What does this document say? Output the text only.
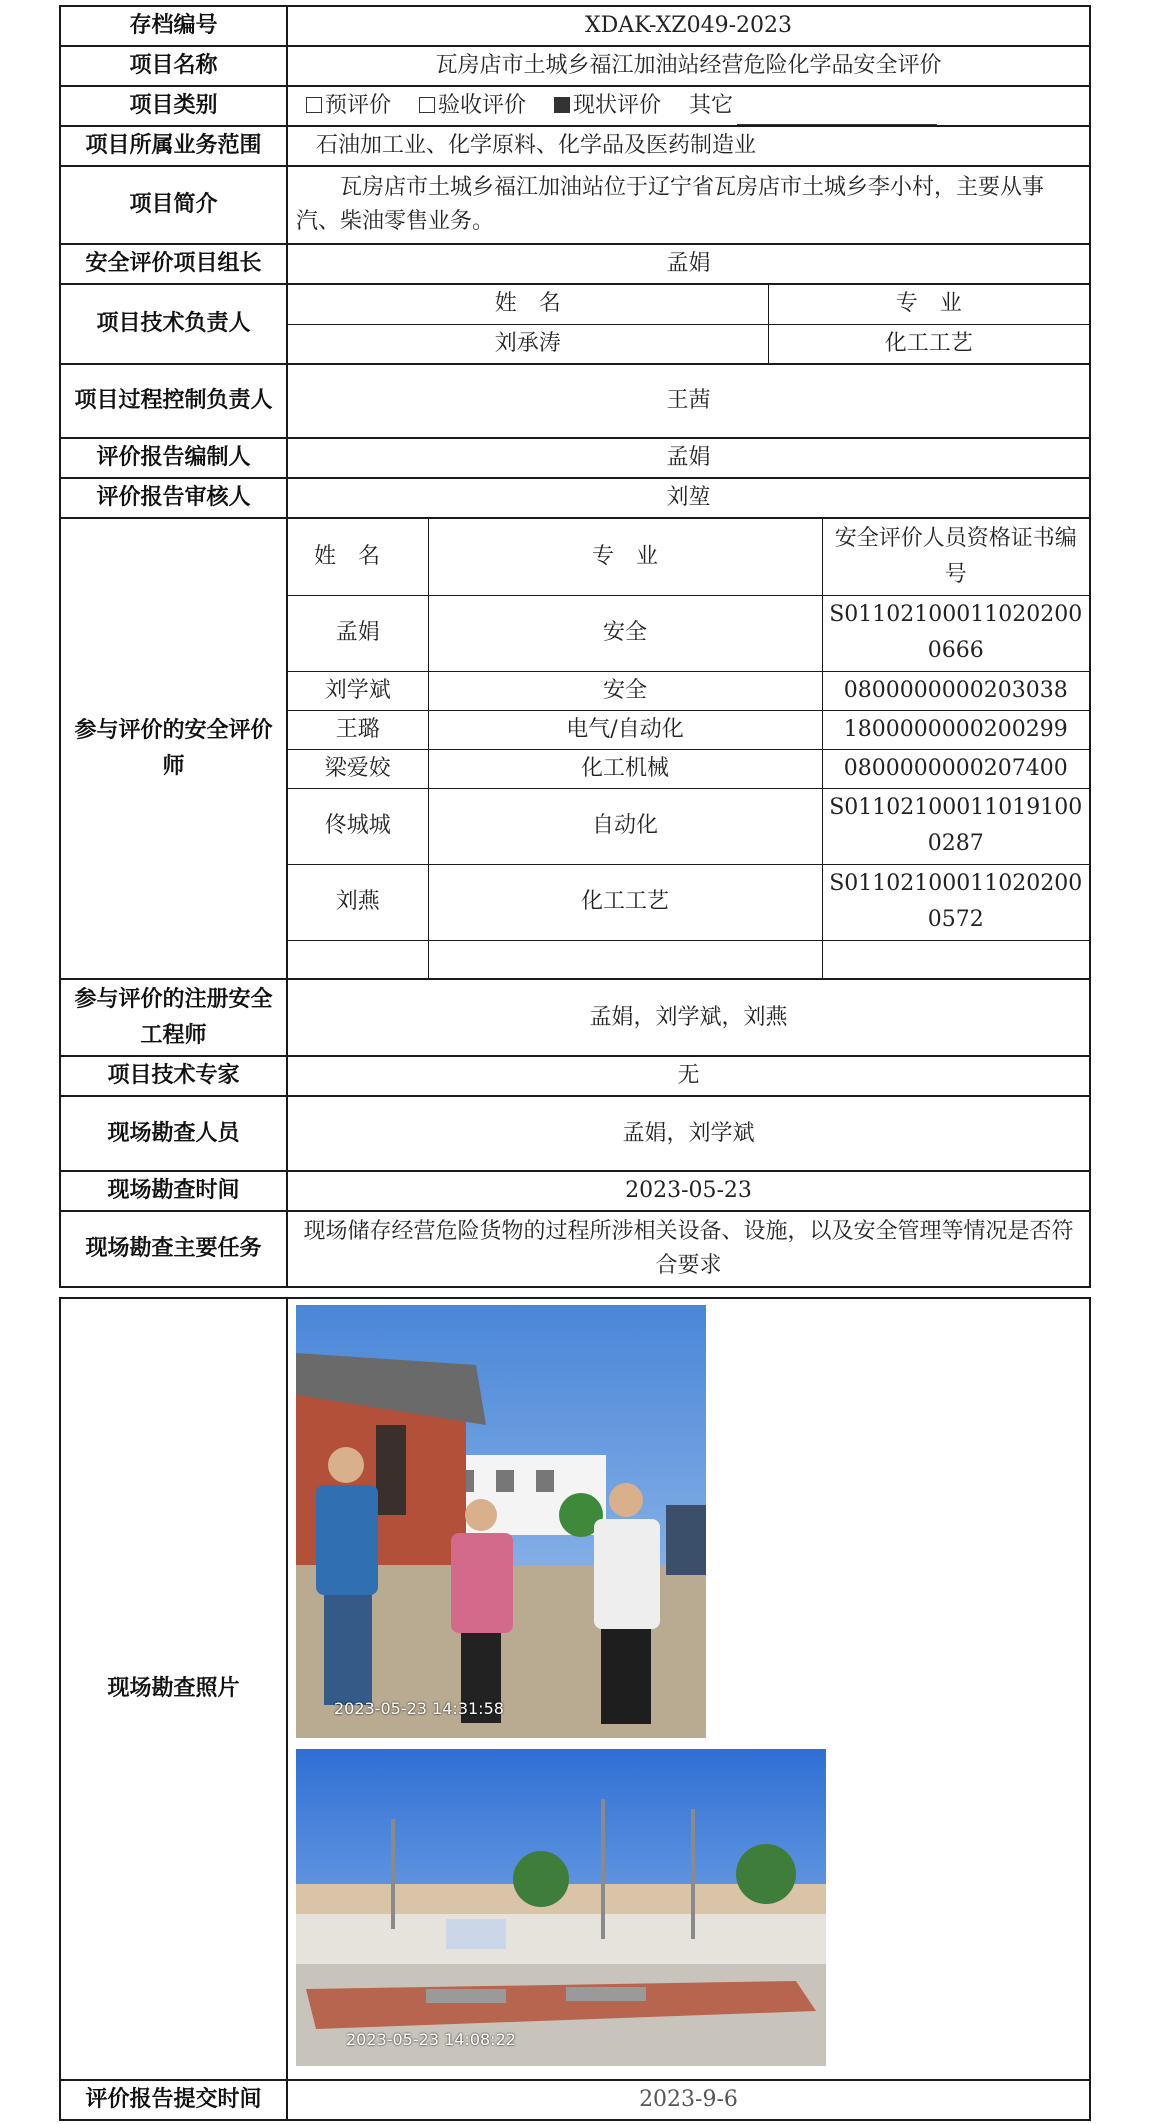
存档编号	XDAK-XZ049-2023
项目名称	瓦房店市土城乡福江加油站经营危险化学品安全评价
项目类别	预评价	验收评价	现状评价 其它

项目所属业务范围	石油加工业、化学原料、化学品及医药制造业
项目简介	瓦房店市土城乡福江加油站位于辽宁省瓦房店市土城乡李小村，主要从事汽、柴油零售业务。
安全评价项目组长	孟娟
项目技术负责人	
姓　名	专　业
刘承涛	化工工艺

项目过程控制负责人	王茜
评价报告编制人	孟娟
评价报告审核人	刘堃
参与评价的安全评价师	
姓　名	专　业	安全评价人员资格证书编号
孟娟	安全	S011021000110202000666
刘学斌	安全	0800000000203038
王璐	电气/自动化	1800000000200299
梁爱姣	化工机械	0800000000207400
佟城城	自动化	S011021000110191000287
刘燕	化工工艺	S011021000110202000572

参与评价的注册安全工程师	孟娟，刘学斌，刘燕
项目技术专家	无
现场勘查人员	孟娟，刘学斌
现场勘查时间	2023-05-23
现场勘查主要任务	现场储存经营危险货物的过程所涉相关设备、设施，以及安全管理等情况是否符合要求
现场勘查照片	2023-05-23 14:31:58
2023-05-23 14:08:22

评价报告提交时间	2023-9-6
